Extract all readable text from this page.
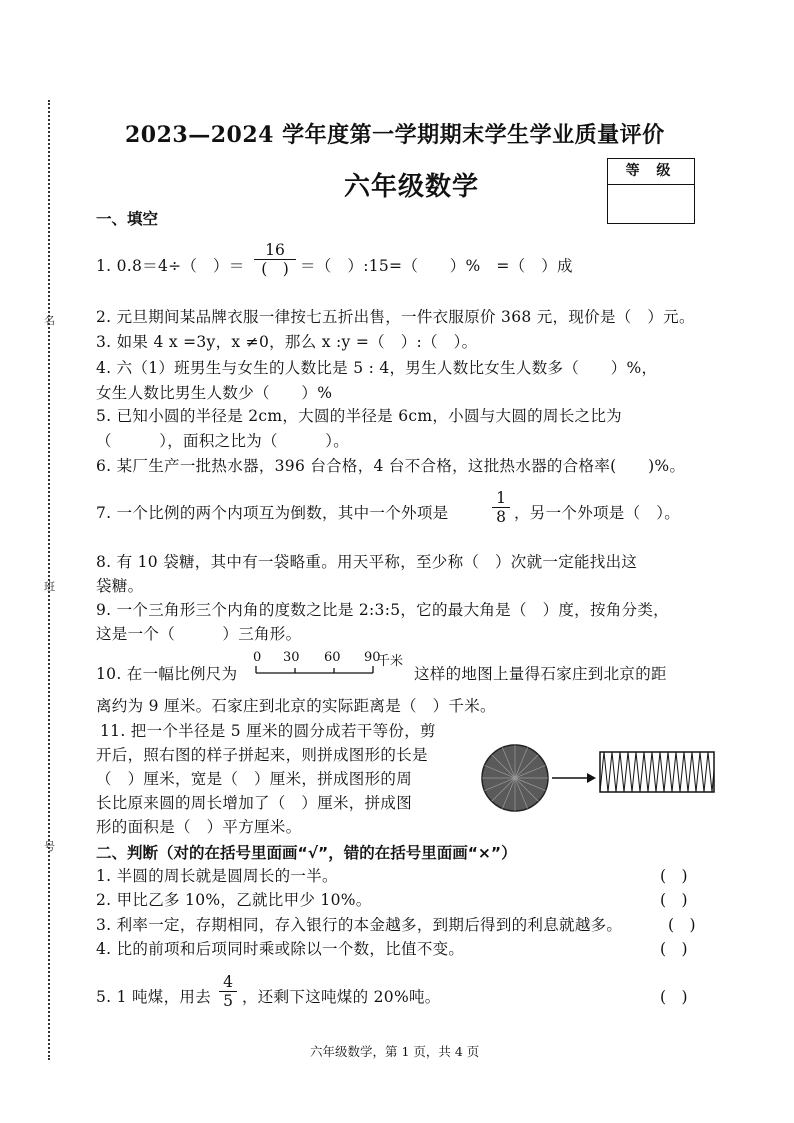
名
班
号
2023—2024 学年度第一学期期末学生学业质量评价
六年级数学
等 级
一、填空
1. 0.8＝4÷（　）＝
16
(　) ＝（　）:15=（　　）%　=（　）成
2. 元旦期间某品牌衣服一律按七五折出售，一件衣服原价 368 元，现价是（　）元。
3. 如果 4 x =3y，x ≠0，那么 x :y =（　）:（　）。
4. 六（1）班男生与女生的人数比是 5 : 4，男生人数比女生人数多（　　）%，
女生人数比男生人数少（　　）%
5. 已知小圆的半径是 2cm，大圆的半径是 6cm，小圆与大圆的周长之比为
（　　　），面积之比为（　　　）。
6. 某厂生产一批热水器，396 台合格，4 台不合格，这批热水器的合格率(　　)%。
7. 一个比例的两个内项互为倒数，其中一个外项是
1
8 ，另一个外项是（　）。
8. 有 10 袋糖，其中有一袋略重。用天平称，至少称（　）次就一定能找出这
袋糖。
9. 一个三角形三个内角的度数之比是 2:3:5，它的最大角是（　）度，按角分类，
这是一个（　　　）三角形。
10. 在一幅比例尺为
0 30 60 90
千米
这样的地图上量得石家庄到北京的距
离约为 9 厘米。石家庄到北京的实际距离是（　）千米。
11. 把一个半径是 5 厘米的圆分成若干等份，剪
开后，照右图的样子拼起来，则拼成图形的长是
（　）厘米，宽是（　）厘米，拼成图形的周
长比原来圆的周长增加了（　）厘米，拼成图
形的面积是（　）平方厘米。
二、判断（对的在括号里面画“√”，错的在括号里面画“×”）
1. 半圆的周长就是圆周长的一半。	(　)
2. 甲比乙多 10%，乙就比甲少 10%。	(　)
3. 利率一定，存期相同，存入银行的本金越多，到期后得到的利息就越多。	(　)
4. 比的前项和后项同时乘或除以一个数，比值不变。	(　)
5. 1 吨煤，用去
4
5 ，还剩下这吨煤的 20%吨。	(　)
六年级数学，第 1 页，共 4 页
